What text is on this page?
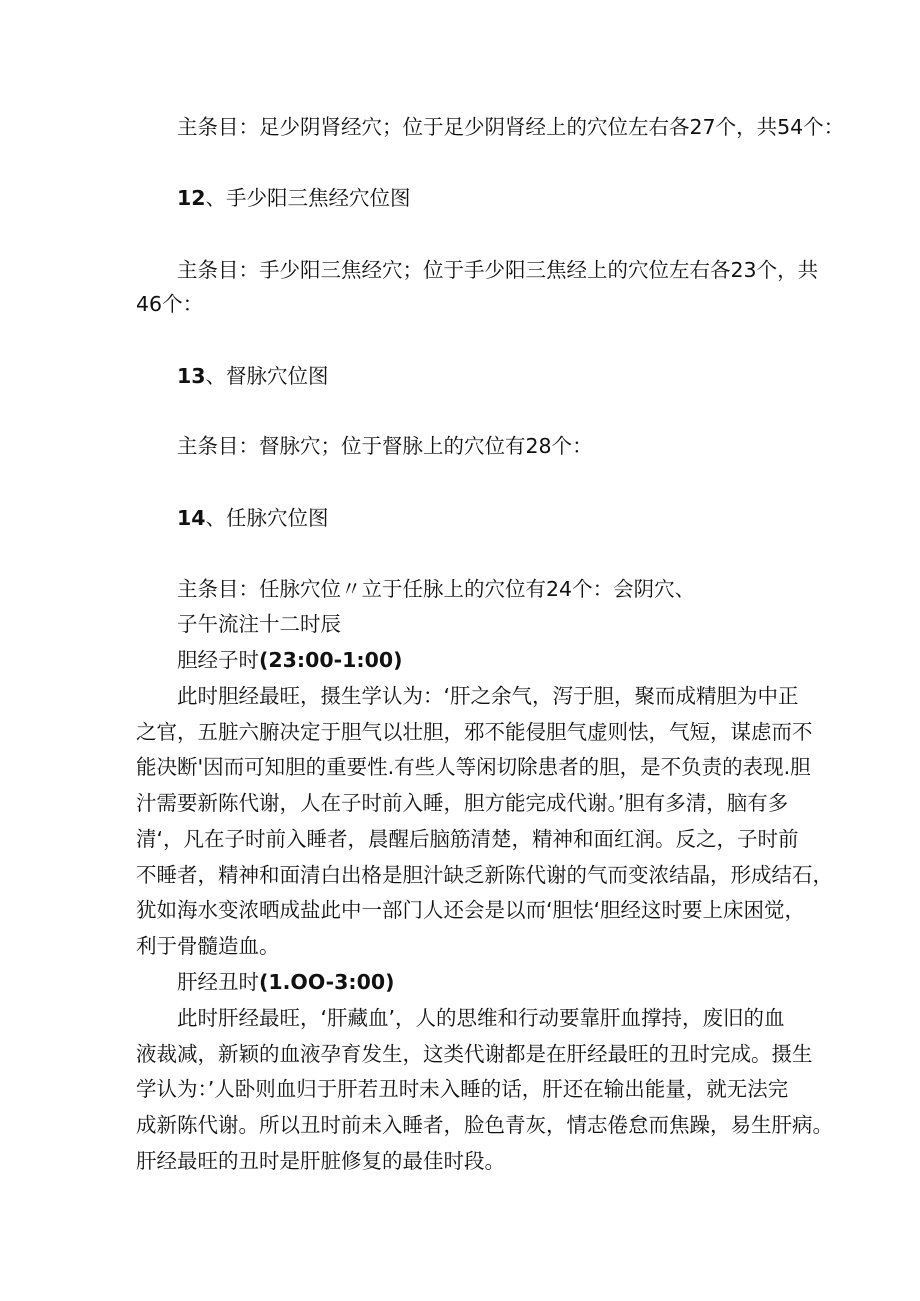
主条目：足少阴肾经穴；位于足少阴肾经上的穴位左右各27个，共54个：
12、手少阳三焦经穴位图
主条目：手少阳三焦经穴；位于手少阳三焦经上的穴位左右各23个，共
46个：
13、督脉穴位图
主条目：督脉穴；位于督脉上的穴位有28个：
14、任脉穴位图
主条目：任脉穴位〃立于任脉上的穴位有24个：会阴穴、
子午流注十二时辰
胆经子时(23:00-1:00)
此时胆经最旺，摄生学认为：‘肝之余气，泻于胆，聚而成精胆为中正
之官，五脏六腑决定于胆气以壮胆，邪不能侵胆气虚则怯，气短，谋虑而不
能决断'因而可知胆的重要性.有些人等闲切除患者的胆，是不负责的表现.胆
汁需要新陈代谢，人在子时前入睡，胆方能完成代谢。’胆有多清，脑有多
清‘，凡在子时前入睡者，晨醒后脑筋清楚，精神和面红润。反之，子时前
不睡者，精神和面清白出格是胆汁缺乏新陈代谢的气而变浓结晶，形成结石，
犹如海水变浓晒成盐此中一部门人还会是以而‘胆怯‘胆经这时要上床困觉，
利于骨髓造血。
肝经丑时(1.OO-3:00)
此时肝经最旺，‘肝藏血’，人的思维和行动要靠肝血撑持，废旧的血
液裁减，新颖的血液孕育发生，这类代谢都是在肝经最旺的丑时完成。摄生
学认为：’人卧则血归于肝若丑时未入睡的话，肝还在输出能量，就无法完
成新陈代谢。所以丑时前未入睡者，脸色青灰，情志倦怠而焦躁，易生肝病。
肝经最旺的丑时是肝脏修复的最佳时段。
